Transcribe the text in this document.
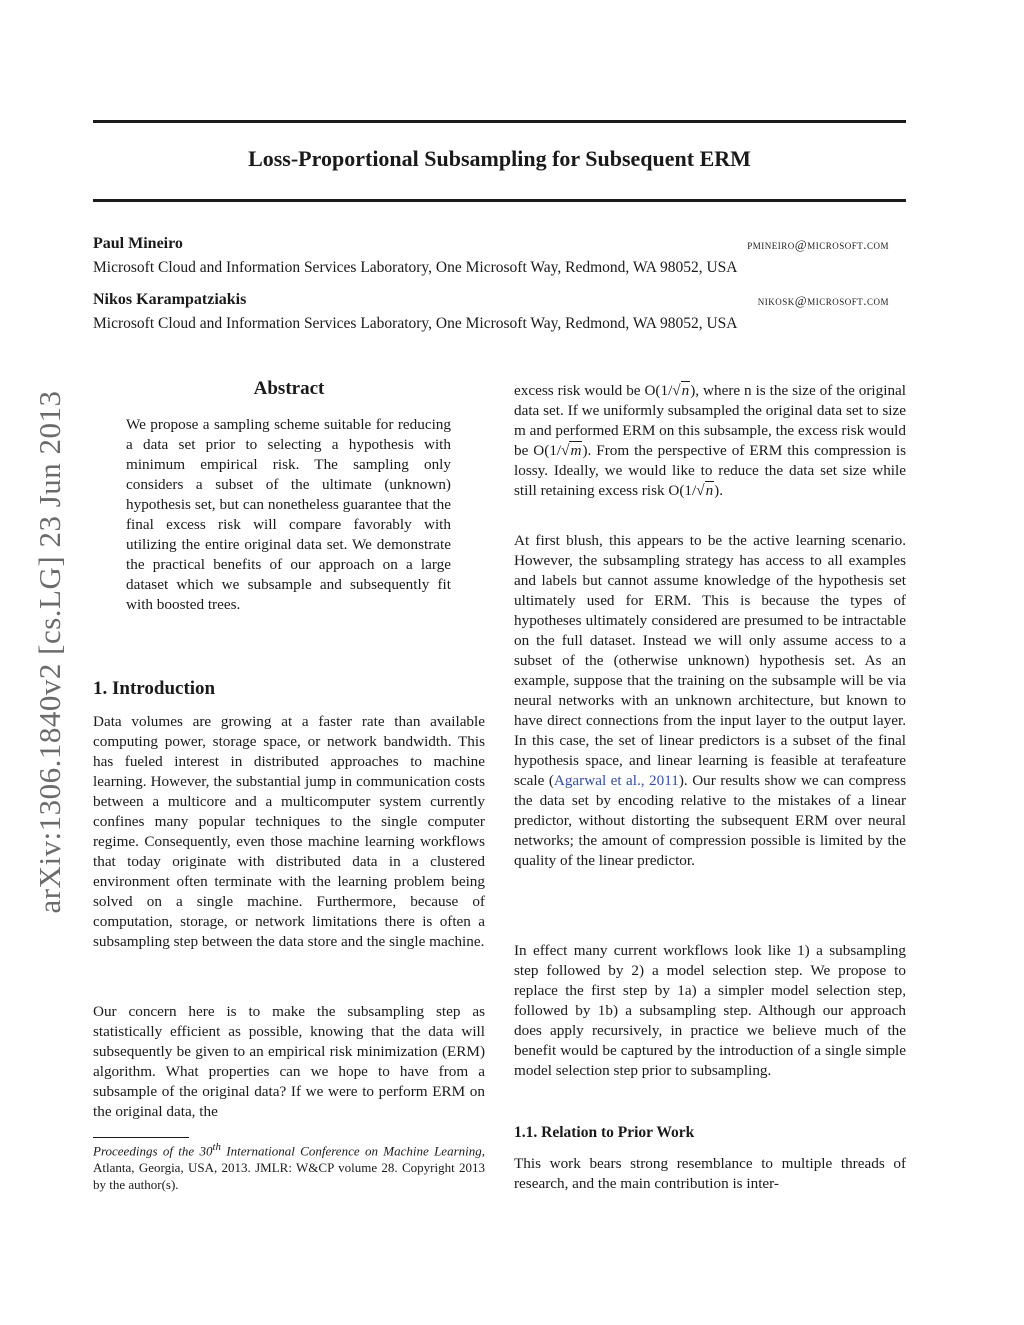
Loss-Proportional Subsampling for Subsequent ERM
Paul Mineiro	pmineiro@microsoft.com
Microsoft Cloud and Information Services Laboratory, One Microsoft Way, Redmond, WA 98052, USA
Nikos Karampatziakis	nikosk@microsoft.com
Microsoft Cloud and Information Services Laboratory, One Microsoft Way, Redmond, WA 98052, USA
arXiv:1306.1840v2 [cs.LG] 23 Jun 2013
Abstract

We propose a sampling scheme suitable for reducing a data set prior to selecting a hypothesis with minimum empirical risk. The sampling only considers a subset of the ultimate (unknown) hypothesis set, but can nonetheless guarantee that the final excess risk will compare favorably with utilizing the entire original data set. We demonstrate the practical benefits of our approach on a large dataset which we subsample and subsequently fit with boosted trees.

1. Introduction

Data volumes are growing at a faster rate than available computing power, storage space, or network bandwidth. This has fueled interest in distributed approaches to machine learning. However, the substantial jump in communication costs between a multicore and a multicomputer system currently confines many popular techniques to the single computer regime. Consequently, even those machine learning workflows that today originate with distributed data in a clustered environment often terminate with the learning problem being solved on a single machine. Furthermore, because of computation, storage, or network limitations there is often a subsampling step between the data store and the single machine.

Our concern here is to make the subsampling step as statistically efficient as possible, knowing that the data will subsequently be given to an empirical risk minimization (ERM) algorithm. What properties can we hope to have from a subsample of the original data? If we were to perform ERM on the original data, the

Proceedings of the 30th International Conference on Machine Learning, Atlanta, Georgia, USA, 2013. JMLR: W&CP volume 28. Copyright 2013 by the author(s).

excess risk would be O(1/√n), where n is the size of the original data set. If we uniformly subsampled the original data set to size m and performed ERM on this subsample, the excess risk would be O(1/√m). From the perspective of ERM this compression is lossy. Ideally, we would like to reduce the data set size while still retaining excess risk O(1/√n).

At first blush, this appears to be the active learning scenario. However, the subsampling strategy has access to all examples and labels but cannot assume knowledge of the hypothesis set ultimately used for ERM. This is because the types of hypotheses ultimately considered are presumed to be intractable on the full dataset. Instead we will only assume access to a subset of the (otherwise unknown) hypothesis set. As an example, suppose that the training on the subsample will be via neural networks with an unknown architecture, but known to have direct connections from the input layer to the output layer. In this case, the set of linear predictors is a subset of the final hypothesis space, and linear learning is feasible at terafeature scale (Agarwal et al., 2011). Our results show we can compress the data set by encoding relative to the mistakes of a linear predictor, without distorting the subsequent ERM over neural networks; the amount of compression possible is limited by the quality of the linear predictor.

In effect many current workflows look like 1) a subsampling step followed by 2) a model selection step. We propose to replace the first step by 1a) a simpler model selection step, followed by 1b) a subsampling step. Although our approach does apply recursively, in practice we believe much of the benefit would be captured by the introduction of a single simple model selection step prior to subsampling.

1.1. Relation to Prior Work

This work bears strong resemblance to multiple threads of research, and the main contribution is inter-
